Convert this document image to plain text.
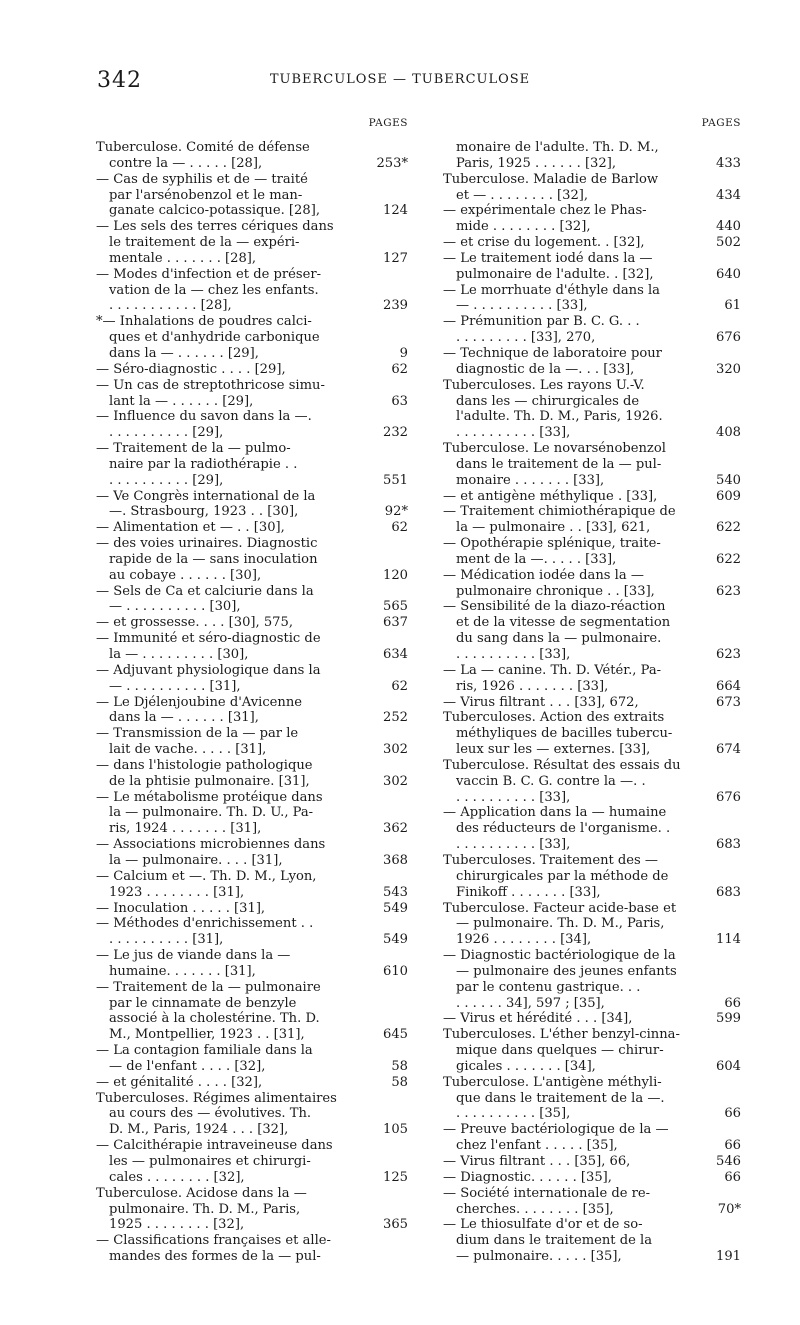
342	TUBERCULOSE — TUBERCULOSE
PAGES

Tuberculose. Comité de défense

contre la — . . . . . [28],	253*

— Cas de syphilis et de — traité

par l'arsénobenzol et le man-

ganate calcico-potassique. [28],	124

— Les sels des terres cériques dans

le traitement de la — expéri-

mentale . . . . . . . [28],	127

— Modes d'infection et de préser-

vation de la — chez les enfants.

. . . . . . . . . . . [28],	239

*— Inhalations de poudres calci-

ques et d'anhydride carbonique

dans la — . . . . . . [29],	9

— Séro-diagnostic . . . . [29],	62

— Un cas de streptothricose simu-

lant la — . . . . . . [29],	63

— Influence du savon dans la —.

. . . . . . . . . . [29],	232

— Traitement de la — pulmo-

naire par la radiothérapie . .

. . . . . . . . . . [29],	551

— Ve Congrès international de la

—. Strasbourg, 1923 . . [30],	92*

— Alimentation et — . . [30],	62

— des voies urinaires. Diagnostic

rapide de la — sans inoculation

au cobaye . . . . . . [30],	120

— Sels de Ca et calciurie dans la

— . . . . . . . . . . [30],	565

— et grossesse. . . . [30], 575,	637

— Immunité et séro-diagnostic de

la — . . . . . . . . . [30],	634

— Adjuvant physiologique dans la

— . . . . . . . . . . [31],	62

— Le Djélenjoubine d'Avicenne

dans la — . . . . . . [31],	252

— Transmission de la — par le

lait de vache. . . . . [31],	302

— dans l'histologie pathologique

de la phtisie pulmonaire. [31],	302

— Le métabolisme protéique dans

la — pulmonaire. Th. D. U., Pa-

ris, 1924 . . . . . . . [31],	362

— Associations microbiennes dans

la — pulmonaire. . . . [31],	368

— Calcium et —. Th. D. M., Lyon,

1923 . . . . . . . . [31],	543

— Inoculation . . . . . [31],	549

— Méthodes d'enrichissement . .

. . . . . . . . . . [31],	549

— Le jus de viande dans la —

humaine. . . . . . . [31],	610

— Traitement de la — pulmonaire

par le cinnamate de benzyle

associé à la cholestérine. Th. D.

M., Montpellier, 1923 . . [31],	645

— La contagion familiale dans la

— de l'enfant . . . . [32],	58

— et génitalité . . . . [32],	58

Tuberculoses. Régimes alimentaires

au cours des — évolutives. Th.

D. M., Paris, 1924 . . . [32],	105

— Calcithérapie intraveineuse dans

les — pulmonaires et chirurgi-

cales . . . . . . . . [32],	125

Tuberculose. Acidose dans la —

pulmonaire. Th. D. M., Paris,

1925 . . . . . . . . [32],	365

— Classifications françaises et alle-

mandes des formes de la — pul-

PAGES

monaire de l'adulte. Th. D. M.,

Paris, 1925 . . . . . . [32],	433

Tuberculose. Maladie de Barlow

et — . . . . . . . . [32],	434

— expérimentale chez le Phas-

mide . . . . . . . . [32],	440

— et crise du logement. . [32],	502

— Le traitement iodé dans la —

pulmonaire de l'adulte. . [32],	640

— Le morrhuate d'éthyle dans la

— . . . . . . . . . . [33],	61

— Prémunition par B. C. G. . .

. . . . . . . . . [33], 270,	676

— Technique de laboratoire pour

diagnostic de la —. . . [33],	320

Tuberculoses. Les rayons U.-V.

dans les — chirurgicales de

l'adulte. Th. D. M., Paris, 1926.

. . . . . . . . . . [33],	408

Tuberculose. Le novarsénobenzol

dans le traitement de la — pul-

monaire . . . . . . . [33],	540

— et antigène méthylique . [33],	609

— Traitement chimiothérapique de

la — pulmonaire . . [33], 621,	622

— Opothérapie splénique, traite-

ment de la —. . . . . [33],	622

— Médication iodée dans la —

pulmonaire chronique . . [33],	623

— Sensibilité de la diazo-réaction

et de la vitesse de segmentation

du sang dans la — pulmonaire.

. . . . . . . . . . [33],	623

— La — canine. Th. D. Vétér., Pa-

ris, 1926 . . . . . . . [33],	664

— Virus filtrant . . . [33], 672,	673

Tuberculoses. Action des extraits

méthyliques de bacilles tubercu-

leux sur les — externes. [33],	674

Tuberculose. Résultat des essais du

vaccin B. C. G. contre la —. .

. . . . . . . . . . [33],	676

— Application dans la — humaine

des réducteurs de l'organisme. .

. . . . . . . . . . [33],	683

Tuberculoses. Traitement des —

chirurgicales par la méthode de

Finikoff . . . . . . . [33],	683

Tuberculose. Facteur acide-base et

— pulmonaire. Th. D. M., Paris,

1926 . . . . . . . . [34],	114

— Diagnostic bactériologique de la

— pulmonaire des jeunes enfants

par le contenu gastrique. . .

. . . . . . 34], 597 ; [35],	66

— Virus et hérédité . . . [34],	599

Tuberculoses. L'éther benzyl-cinna-

mique dans quelques — chirur-

gicales . . . . . . . [34],	604

Tuberculose. L'antigène méthyli-

que dans le traitement de la —.

. . . . . . . . . . [35],	66

— Preuve bactériologique de la —

chez l'enfant . . . . . [35],	66

— Virus filtrant . . . [35], 66,	546

— Diagnostic. . . . . . [35],	66

— Société internationale de re-

cherches. . . . . . . . [35],	70*

— Le thiosulfate d'or et de so-

dium dans le traitement de la

— pulmonaire. . . . . [35],	191
